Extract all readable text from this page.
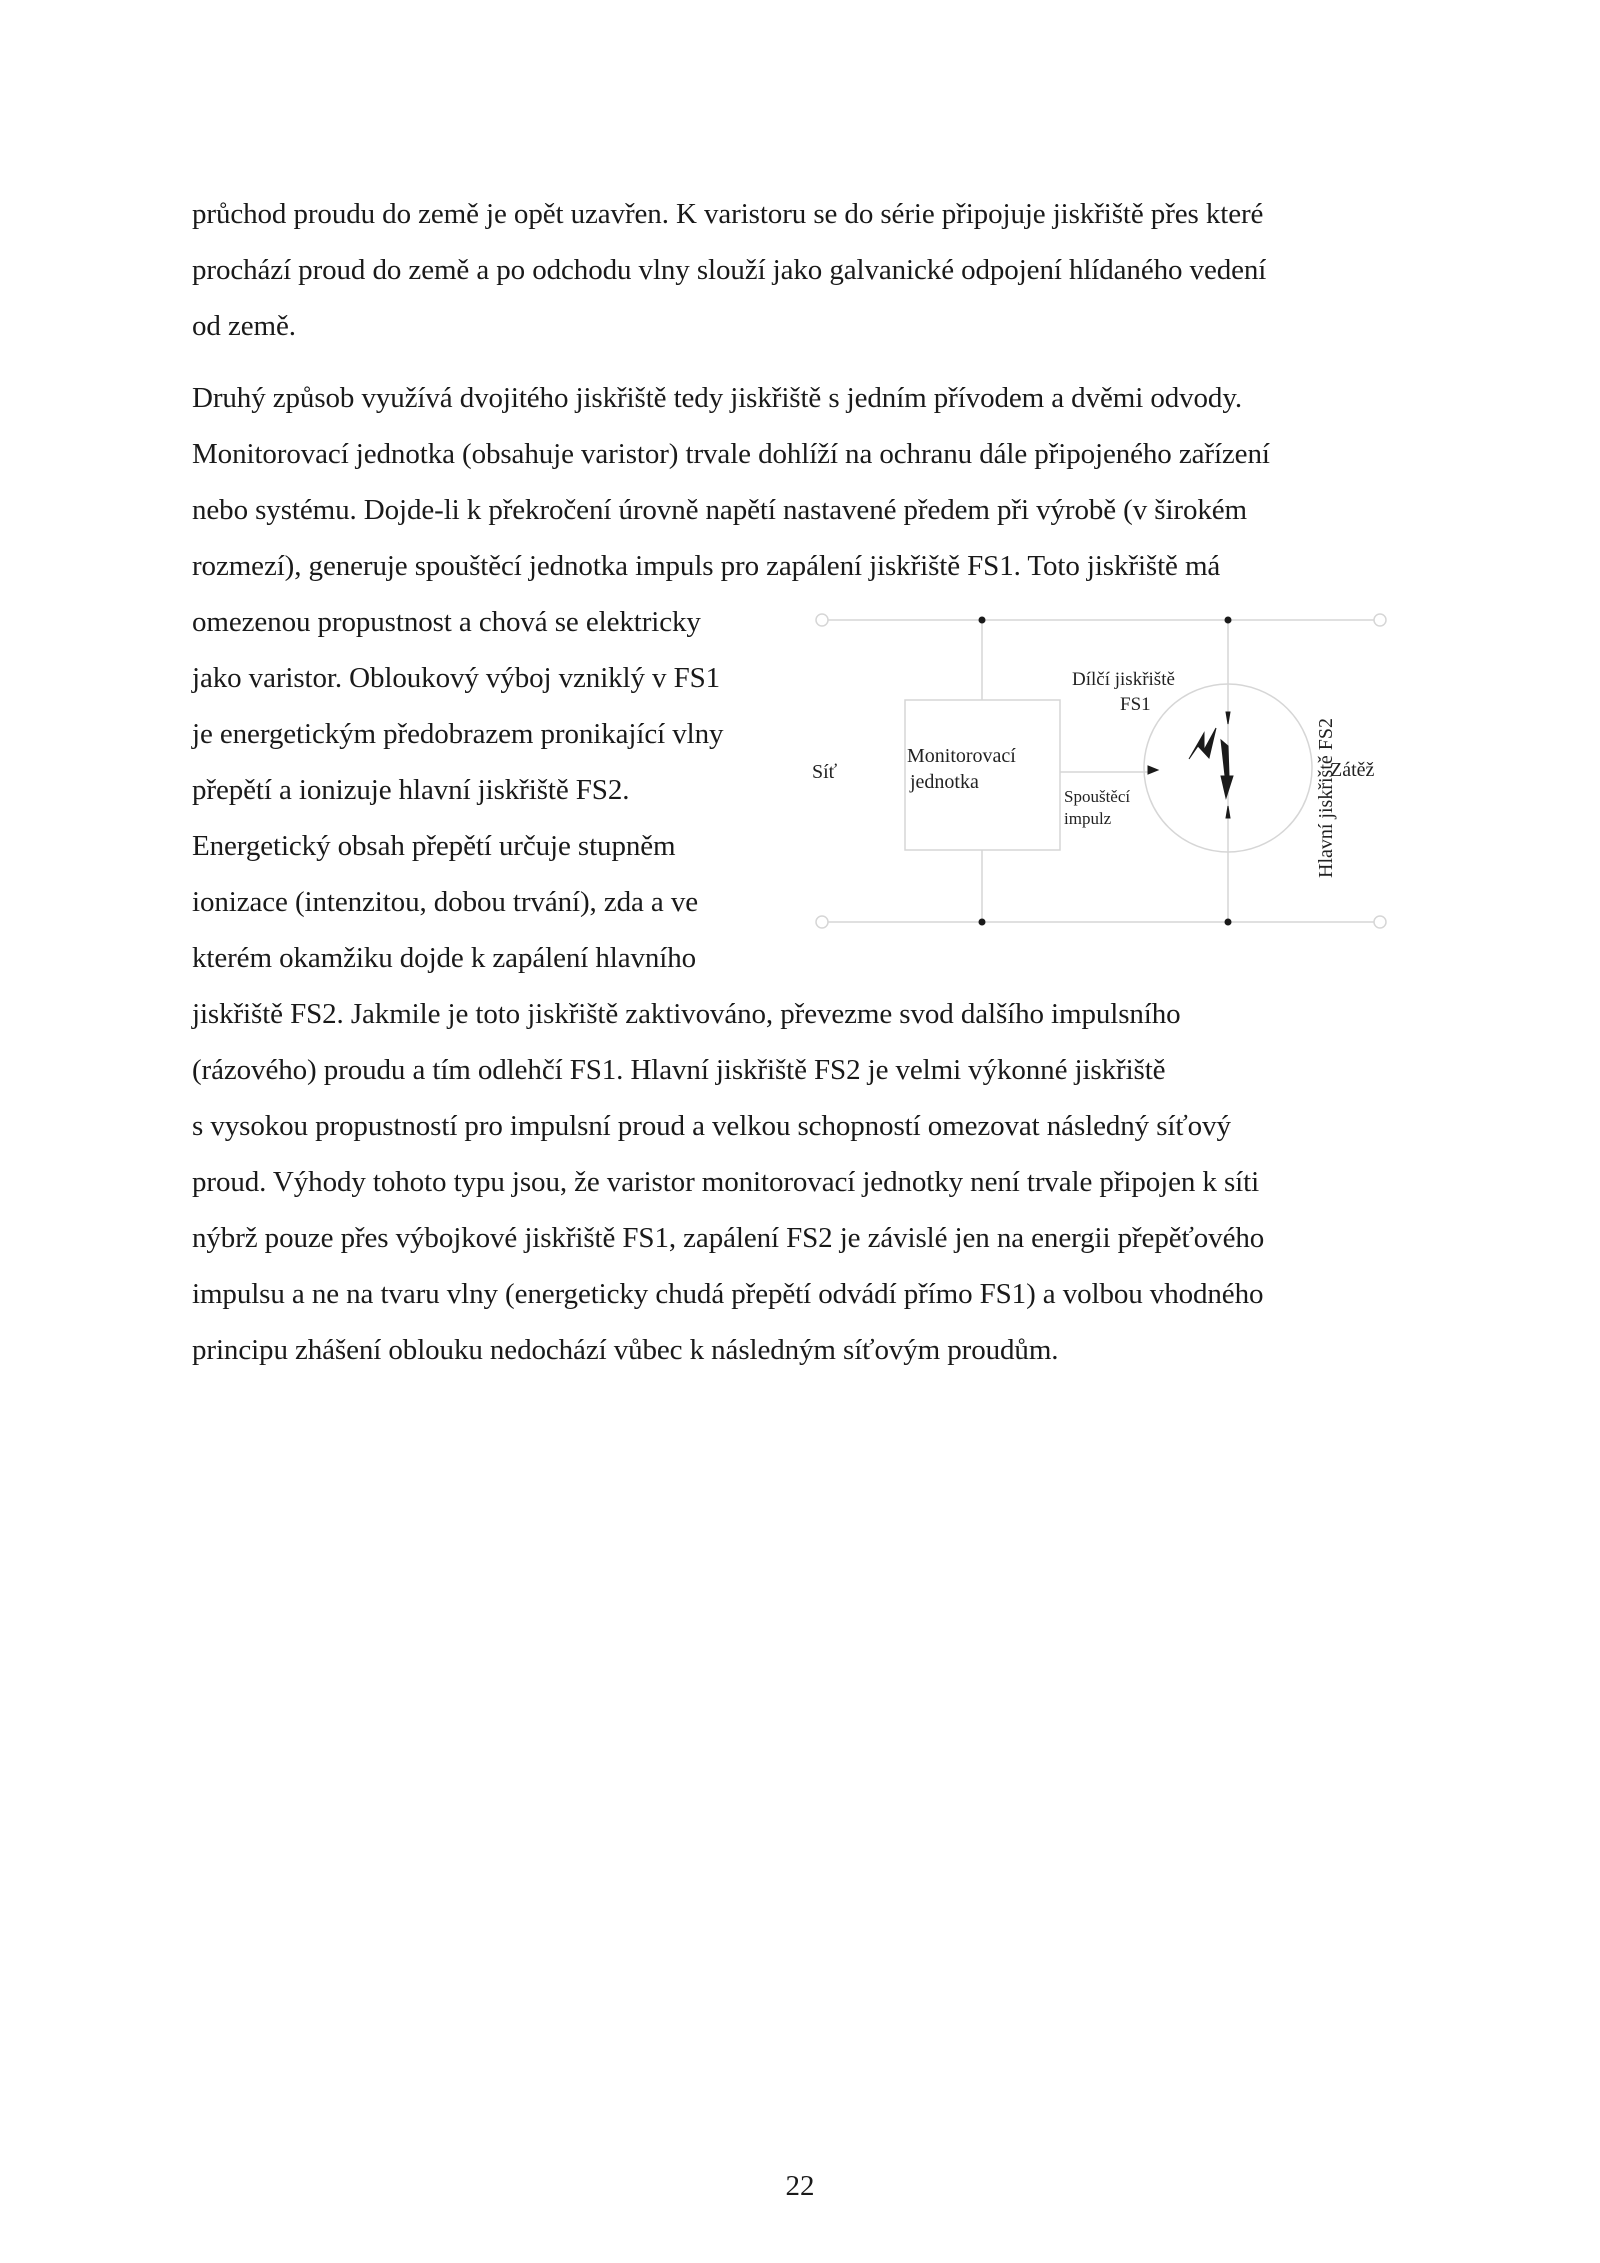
průchod proudu do země je opět uzavřen. K varistoru se do série připojuje jiskřiště přes které
prochází proud do země a po odchodu vlny slouží jako galvanické odpojení hlídaného vedení
od země.
Druhý způsob využívá dvojitého jiskřiště tedy jiskřiště s jedním přívodem a dvěmi odvody.
Monitorovací jednotka (obsahuje varistor) trvale dohlíží na ochranu dále připojeného zařízení
nebo systému. Dojde-li k překročení úrovně napětí nastavené předem při výrobě (v širokém
rozmezí), generuje spouštěcí jednotka impuls pro zapálení jiskřiště FS1. Toto jiskřiště má
omezenou propustnost a chová se elektricky
jako varistor. Obloukový výboj vzniklý v FS1
je energetickým předobrazem pronikající vlny
přepětí a ionizuje hlavní jiskřiště FS2.
Energetický obsah přepětí určuje stupněm
ionizace (intenzitou, dobou trvání), zda a ve
kterém okamžiku dojde k zapálení hlavního
jiskřiště FS2. Jakmile je toto jiskřiště zaktivováno, převezme svod dalšího impulsního
(rázového) proudu a tím odlehčí FS1. Hlavní jiskřiště FS2 je velmi výkonné jiskřiště
s vysokou propustností pro impulsní proud a velkou schopností omezovat následný síťový
proud. Výhody tohoto typu jsou, že varistor monitorovací jednotky není trvale připojen k síti
nýbrž pouze přes výbojkové jiskřiště FS1, zapálení FS2 je závislé jen na energii přepěťového
impulsu a ne na tvaru vlny (energeticky chudá přepětí odvádí přímo FS1) a volbou vhodného
principu zhášení oblouku nedochází vůbec k následným síťovým proudům.
Síť	Zátěž
Monitorovací
jednotka
Dílčí jiskřiště
FS1
Spouštěcí
impulz	Hlavní jiskřiště FS2
22
